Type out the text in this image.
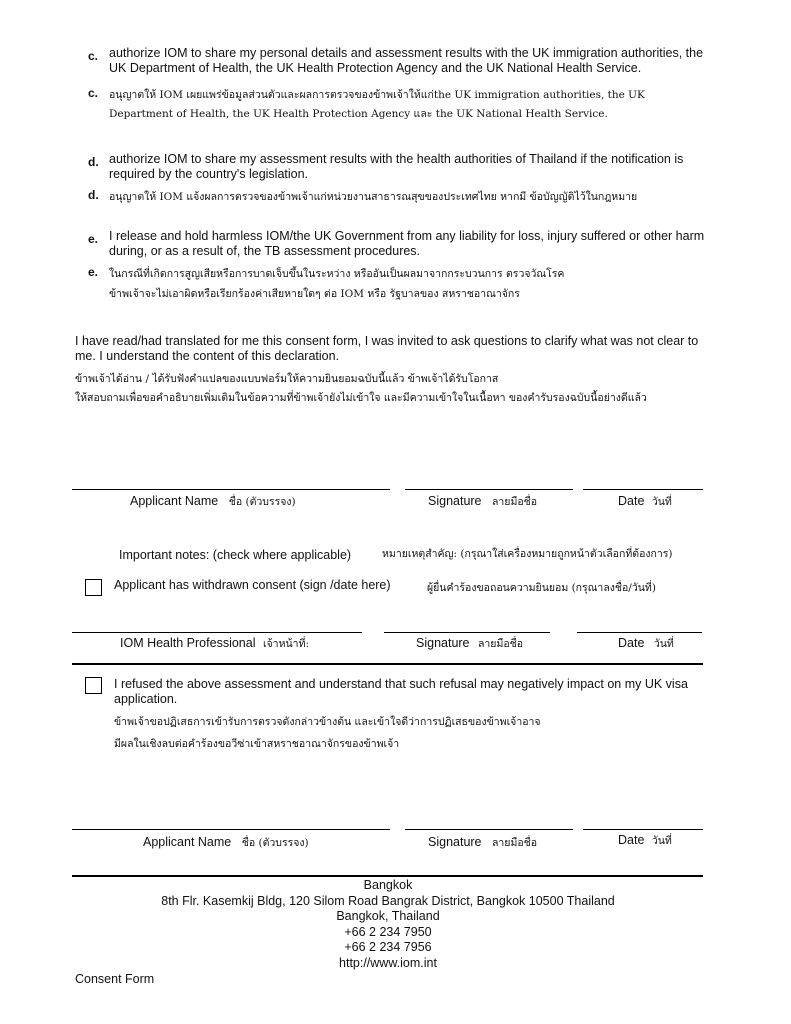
c. authorize IOM to share my personal details and assessment results with the UK immigration authorities, the UK Department of Health, the UK Health Protection Agency and the UK National Health Service.
c. อนุญาตให้ IOM เผยแพร่ข้อมูลส่วนตัวและผลการตรวจของข้าพเจ้าให้แก่the UK immigration authorities, the UK
Department of Health, the UK Health Protection Agency และ the UK National Health Service.
d. authorize IOM to share my assessment results with the health authorities of Thailand if the notification is required by the country's legislation.
d. อนุญาตให้ IOM แจ้งผลการตรวจของข้าพเจ้าแก่หน่วยงานสาธารณสุขของประเทศไทย หากมี ข้อบัญญัติไว้ในกฎหมาย
e. I release and hold harmless IOM/the UK Government from any liability for loss, injury suffered or other harm during, or as a result of, the TB assessment procedures.
e. ในกรณีที่เกิดการสูญเสียหรือการบาดเจ็บขึ้นในระหว่าง หรืออันเป็นผลมาจากกระบวนการ ตรวจวัณโรค
ข้าพเจ้าจะไม่เอาผิดหรือเรียกร้องค่าเสียหายใดๆ ต่อ IOM หรือ รัฐบาลของ สหราชอาณาจักร
I have read/had translated for me this consent form, I was invited to ask questions to clarify what was not clear to me. I understand the content of this declaration.
ข้าพเจ้าได้อ่าน / ได้รับฟังคำแปลของแบบฟอร์มให้ความยินยอมฉบับนี้แล้ว ข้าพเจ้าได้รับโอกาส
ให้สอบถามเพื่อขอคำอธิบายเพิ่มเติมในข้อความที่ข้าพเจ้ายังไม่เข้าใจ และมีความเข้าใจในเนื้อหา ของคำรับรองฉบับนี้อย่างดีแล้ว
Applicant Name ชื่อ (ตัวบรรจง)	Signature ลายมือชื่อ	Date วันที่
Important notes: (check where applicable)	หมายเหตุสำคัญ: (กรุณาใส่เครื่องหมายถูกหน้าตัวเลือกที่ต้องการ)
Applicant has withdrawn consent (sign /date here)	ผู้ยื่นคำร้องขอถอนความยินยอม (กรุณาลงชื่อ/วันที่)
IOM Health Professional เจ้าหน้าที่:	Signature ลายมือชื่อ	Date วันที่
I refused the above assessment and understand that such refusal may negatively impact on my UK visa application.
ข้าพเจ้าขอปฏิเสธการเข้ารับการตรวจดังกล่าวข้างต้น และเข้าใจดีว่าการปฏิเสธของข้าพเจ้าอาจ
มีผลในเชิงลบต่อคำร้องขอวีซ่าเข้าสหราชอาณาจักรของข้าพเจ้า
Applicant Name ชื่อ (ตัวบรรจง)	Signature ลายมือชื่อ	Date วันที่
Bangkok
8th Flr. Kasemkij Bldg, 120 Silom Road Bangrak District, Bangkok 10500 Thailand
Bangkok, Thailand
+66 2 234 7950
+66 2 234 7956
http://www.iom.int
Consent Form
